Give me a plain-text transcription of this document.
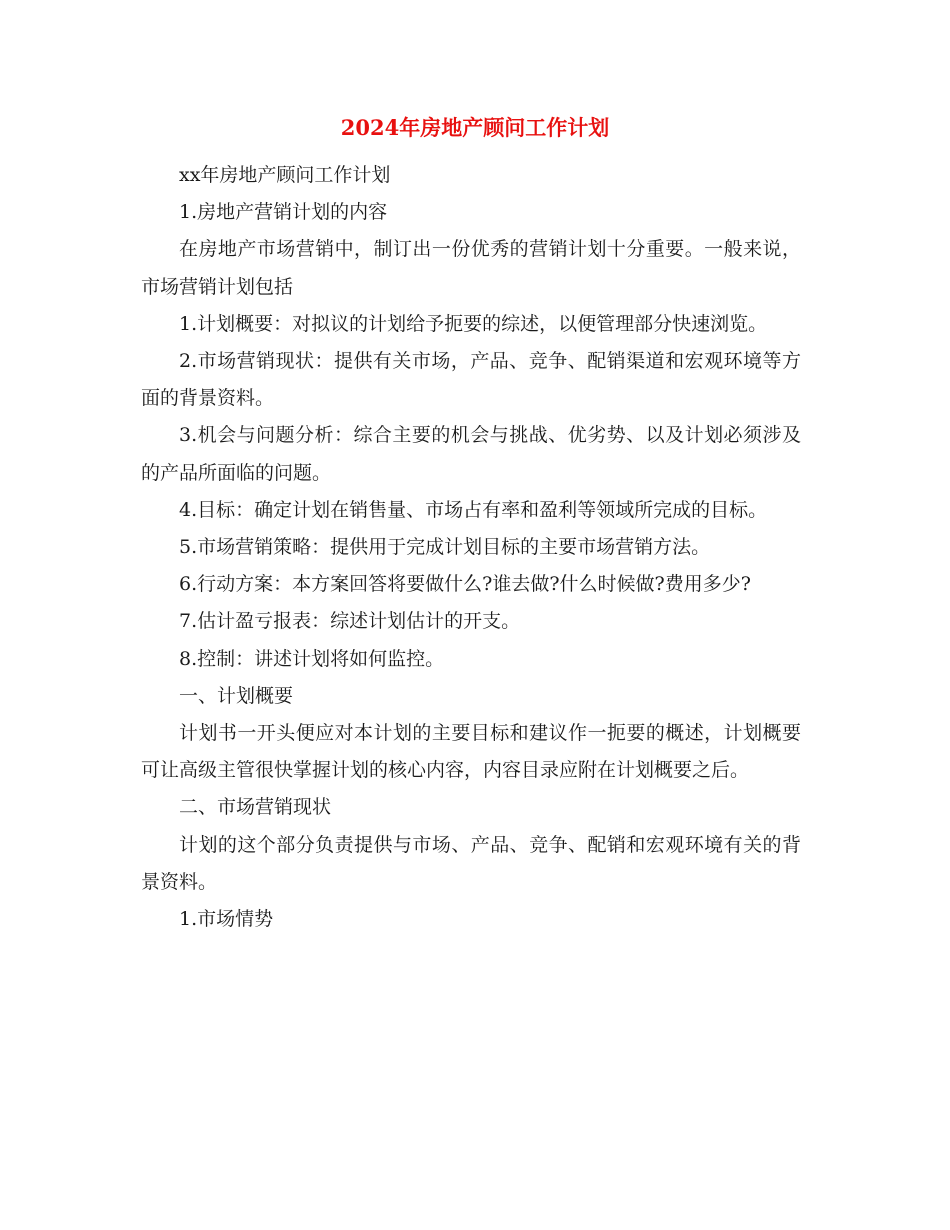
2024年房地产顾问工作计划

xx年房地产顾问工作计划

1.房地产营销计划的内容

在房地产市场营销中，制订出一份优秀的营销计划十分重要。一般来说，市场营销计划包括

1.计划概要：对拟议的计划给予扼要的综述，以便管理部分快速浏览。

2.市场营销现状：提供有关市场，产品、竞争、配销渠道和宏观环境等方面的背景资料。

3.机会与问题分析：综合主要的机会与挑战、优劣势、以及计划必须涉及的产品所面临的问题。

4.目标：确定计划在销售量、市场占有率和盈利等领域所完成的目标。

5.市场营销策略：提供用于完成计划目标的主要市场营销方法。

6.行动方案：本方案回答将要做什么?谁去做?什么时候做?费用多少?

7.估计盈亏报表：综述计划估计的开支。

8.控制：讲述计划将如何监控。

一、计划概要

计划书一开头便应对本计划的主要目标和建议作一扼要的概述，计划概要可让高级主管很快掌握计划的核心内容，内容目录应附在计划概要之后。

二、市场营销现状

计划的这个部分负责提供与市场、产品、竞争、配销和宏观环境有关的背景资料。

1.市场情势
